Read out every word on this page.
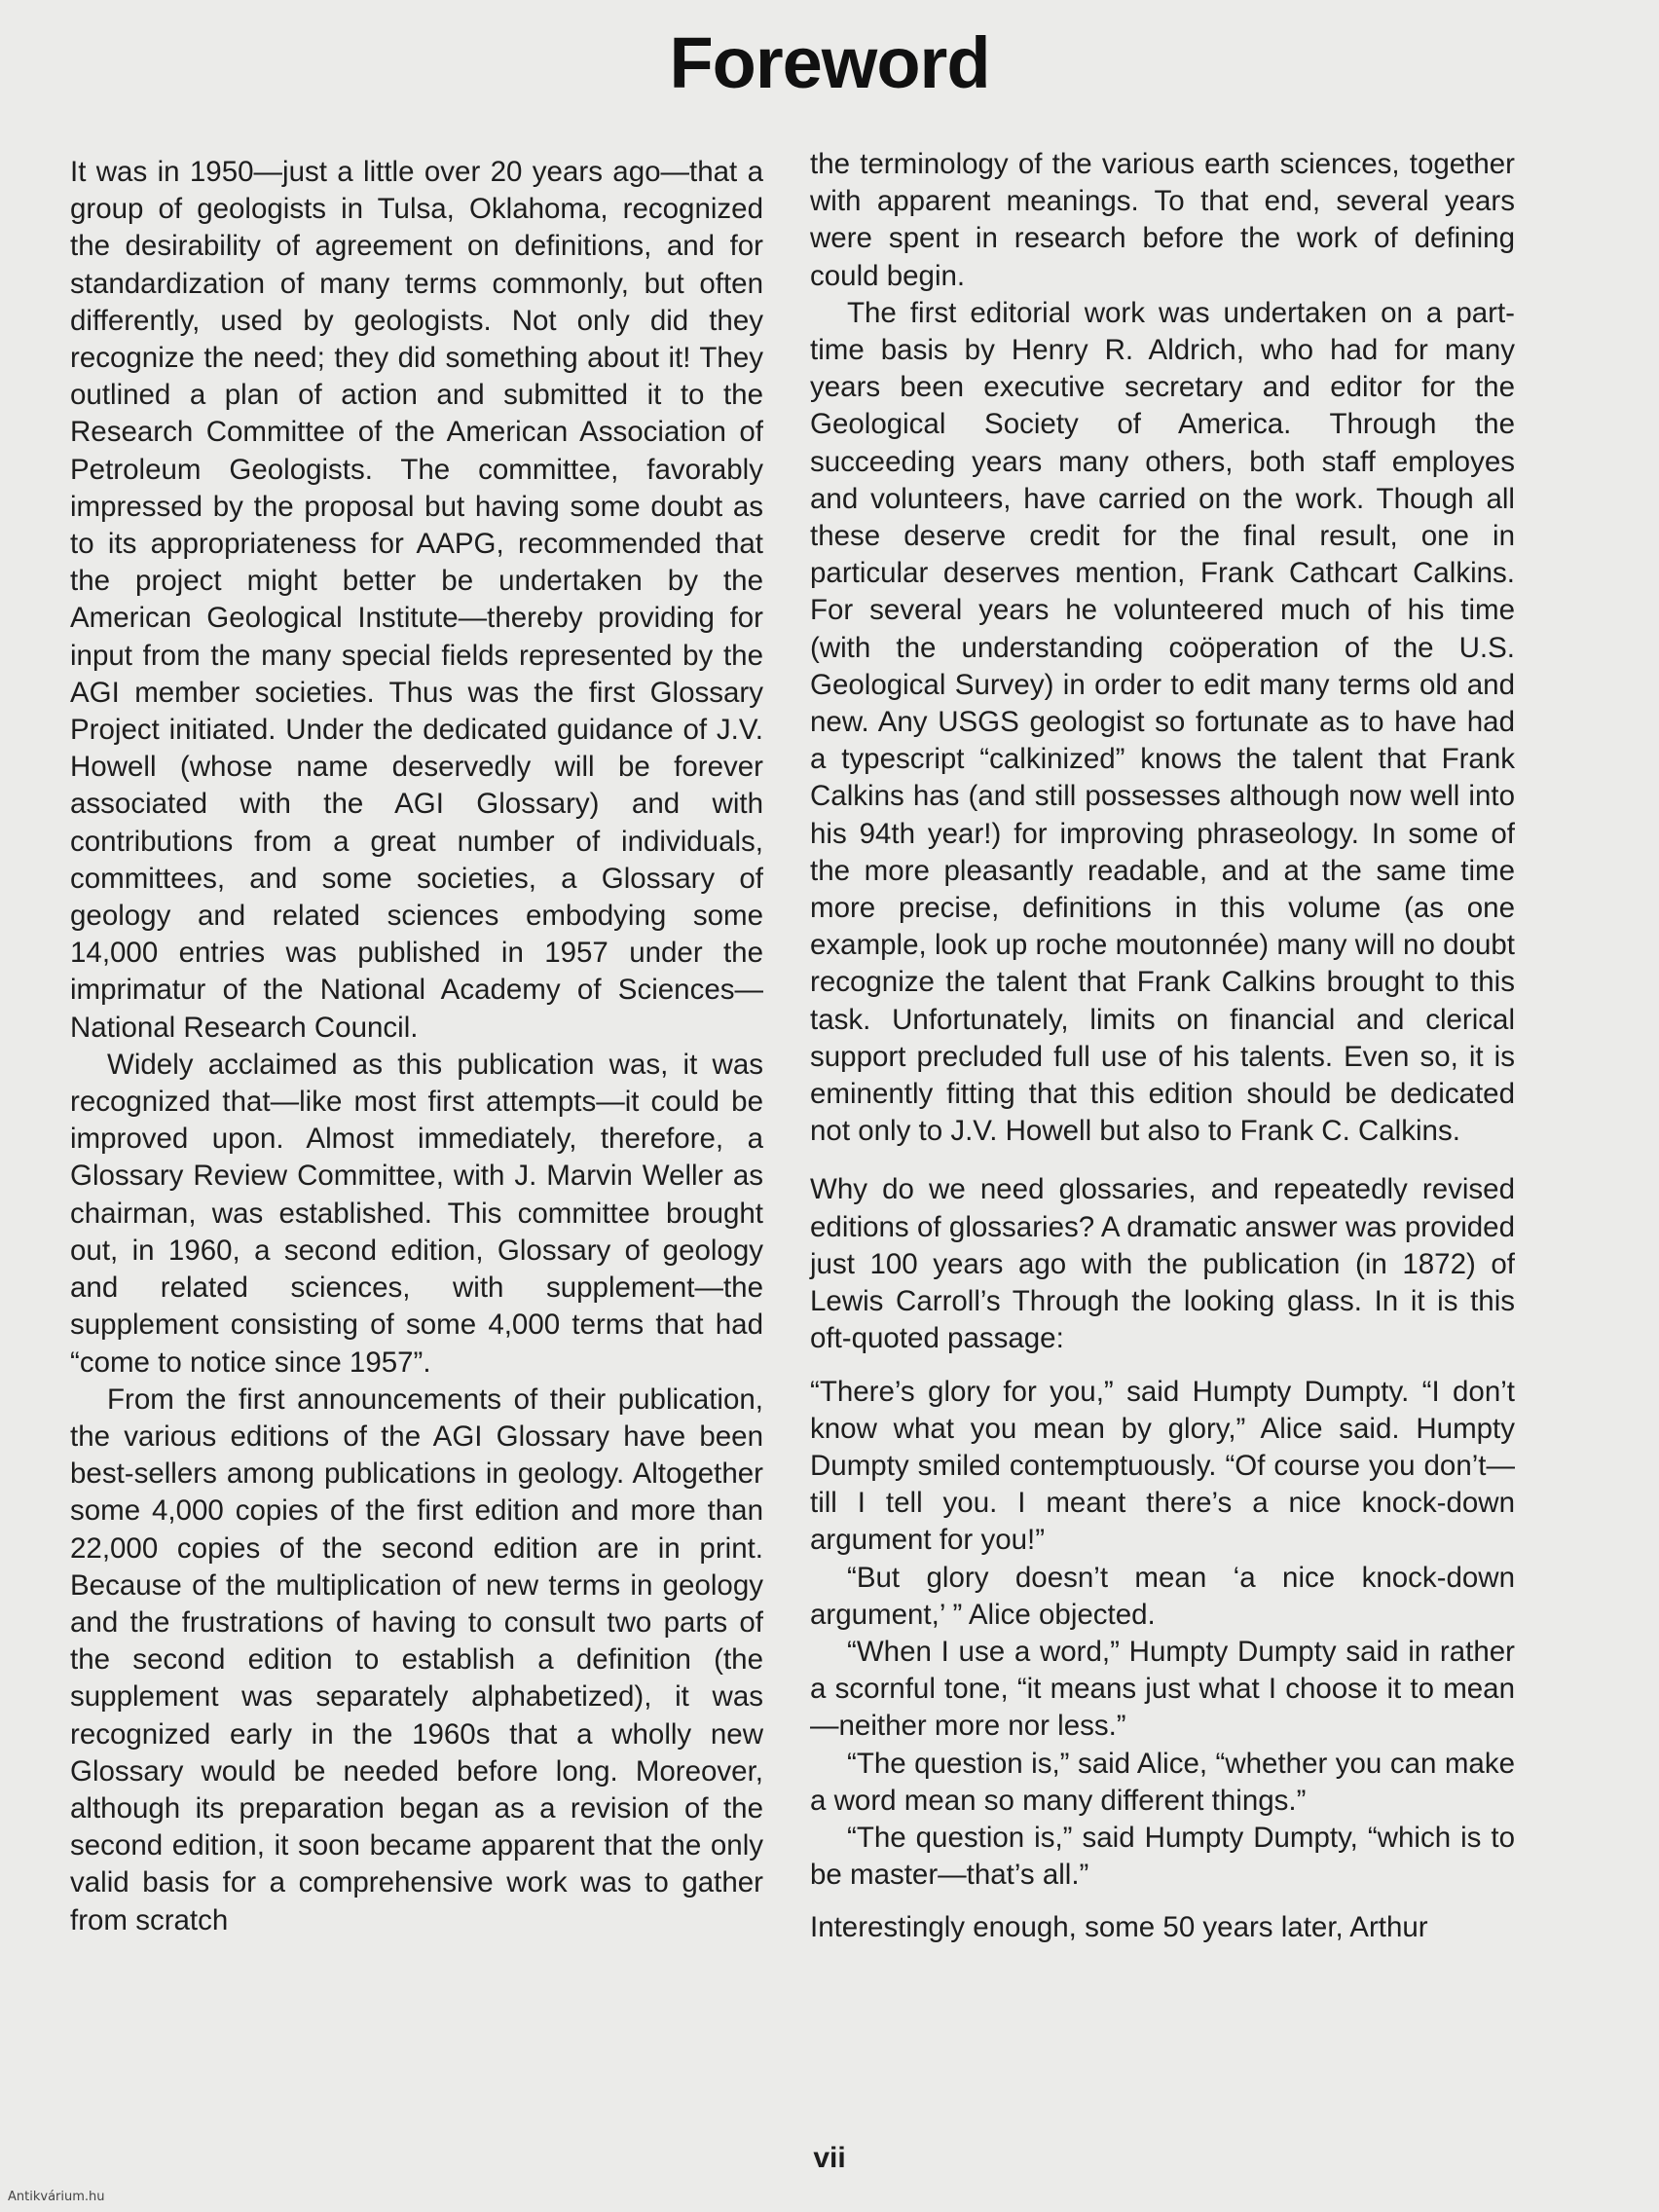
Foreword

It was in 1950—just a little over 20 years ago—that a group of geologists in Tulsa, Oklahoma, recognized the desirability of agreement on definitions, and for standardization of many terms commonly, but often differently, used by geologists. Not only did they recognize the need; they did something about it! They outlined a plan of action and submitted it to the Research Committee of the American Association of Petroleum Geologists. The committee, favorably impressed by the proposal but having some doubt as to its appropriateness for AAPG, recommended that the project might better be undertaken by the American Geological Institute—thereby providing for input from the many special fields represented by the AGI member societies. Thus was the first Glossary Project initiated. Under the dedicated guidance of J.V. Howell (whose name deservedly will be forever associated with the AGI Glossary) and with contributions from a great number of individuals, committees, and some societies, a Glossary of geology and related sciences embodying some 14,000 entries was published in 1957 under the imprimatur of the National Academy of Sciences—National Research Council.

Widely acclaimed as this publication was, it was recognized that—like most first attempts—it could be improved upon. Almost immediately, therefore, a Glossary Review Committee, with J. Marvin Weller as chairman, was established. This committee brought out, in 1960, a second edition, Glossary of geology and related sciences, with supplement—the supplement consisting of some 4,000 terms that had “come to notice since 1957”.

From the first announcements of their publication, the various editions of the AGI Glossary have been best-sellers among publications in geology. Altogether some 4,000 copies of the first edition and more than 22,000 copies of the second edition are in print. Because of the multiplication of new terms in geology and the frustrations of having to consult two parts of the second edition to establish a definition (the supplement was separately alphabetized), it was recognized early in the 1960s that a wholly new Glossary would be needed before long. Moreover, although its preparation began as a revision of the second edition, it soon became apparent that the only valid basis for a comprehensive work was to gather from scratch

the terminology of the various earth sciences, together with apparent meanings. To that end, several years were spent in research before the work of defining could begin.

The first editorial work was undertaken on a part-time basis by Henry R. Aldrich, who had for many years been executive secretary and editor for the Geological Society of America. Through the succeeding years many others, both staff employes and volunteers, have carried on the work. Though all these deserve credit for the final result, one in particular deserves mention, Frank Cathcart Calkins. For several years he volunteered much of his time (with the understanding coöperation of the U.S. Geological Survey) in order to edit many terms old and new. Any USGS geologist so fortunate as to have had a typescript “calkinized” knows the talent that Frank Calkins has (and still possesses although now well into his 94th year!) for improving phraseology. In some of the more pleasantly readable, and at the same time more precise, definitions in this volume (as one example, look up roche moutonnée) many will no doubt recognize the talent that Frank Calkins brought to this task. Unfortunately, limits on financial and clerical support precluded full use of his talents. Even so, it is eminently fitting that this edition should be dedicated not only to J.V. Howell but also to Frank C. Calkins.

Why do we need glossaries, and repeatedly revised editions of glossaries? A dramatic answer was provided just 100 years ago with the publication (in 1872) of Lewis Carroll’s Through the looking glass. In it is this oft-quoted passage:

“There’s glory for you,” said Humpty Dumpty. “I don’t know what you mean by glory,” Alice said. Humpty Dumpty smiled contemptuously. “Of course you don’t—till I tell you. I meant there’s a nice knock-down argument for you!”

“But glory doesn’t mean ‘a nice knock-down argument,’ ” Alice objected.

“When I use a word,” Humpty Dumpty said in rather a scornful tone, “it means just what I choose it to mean—neither more nor less.”

“The question is,” said Alice, “whether you can make a word mean so many different things.”

“The question is,” said Humpty Dumpty, “which is to be master—that’s all.”

Interestingly enough, some 50 years later, Arthur

vii
Antikvárium.hu
